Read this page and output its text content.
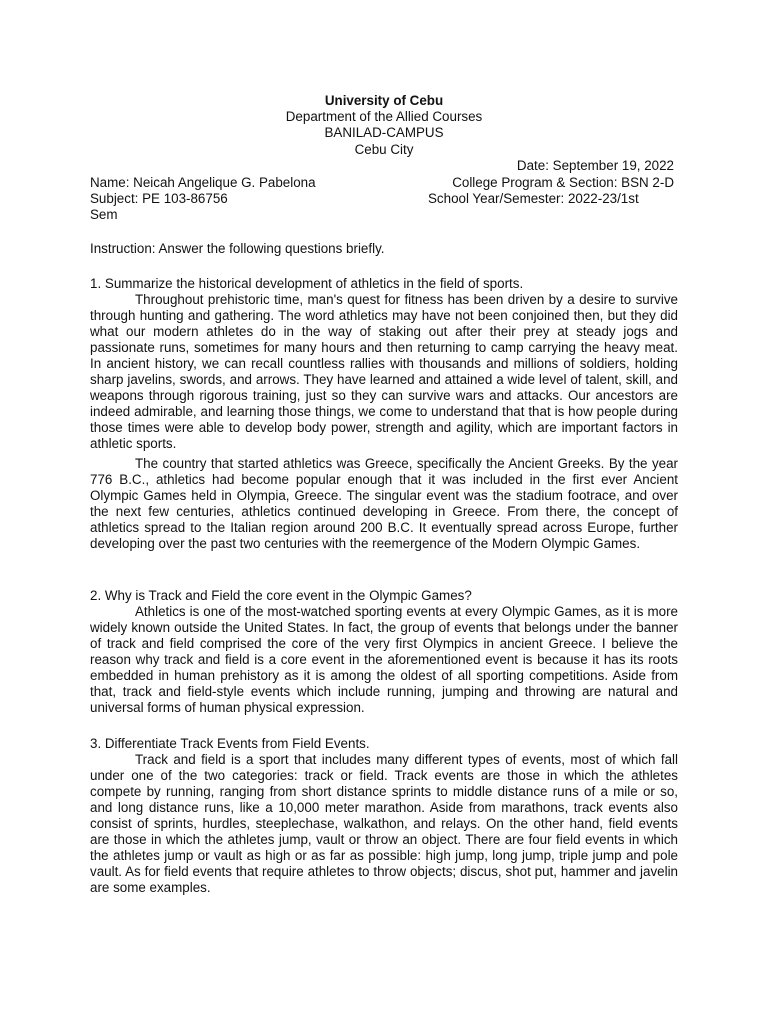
University of Cebu
Department of the Allied Courses
BANILAD-CAMPUS
Cebu City
Date: September 19, 2022
Name: Neicah Angelique G. Pabelona	College Program & Section: BSN 2-D
Subject: PE 103-86756	School Year/Semester: 2022-23/1st
Sem
Instruction: Answer the following questions briefly.
1. Summarize the historical development of athletics in the field of sports.
Throughout prehistoric time, man's quest for fitness has been driven by a desire to survive through hunting and gathering. The word athletics may have not been conjoined then, but they did what our modern athletes do in the way of staking out after their prey at steady jogs and passionate runs, sometimes for many hours and then returning to camp carrying the heavy meat. In ancient history, we can recall countless rallies with thousands and millions of soldiers, holding sharp javelins, swords, and arrows. They have learned and attained a wide level of talent, skill, and weapons through rigorous training, just so they can survive wars and attacks. Our ancestors are indeed admirable, and learning those things, we come to understand that that is how people during those times were able to develop body power, strength and agility, which are important factors in athletic sports.
The country that started athletics was Greece, specifically the Ancient Greeks. By the year 776 B.C., athletics had become popular enough that it was included in the first ever Ancient Olympic Games held in Olympia, Greece. The singular event was the stadium footrace, and over the next few centuries, athletics continued developing in Greece. From there, the concept of athletics spread to the Italian region around 200 B.C. It eventually spread across Europe, further developing over the past two centuries with the reemergence of the Modern Olympic Games.
2. Why is Track and Field the core event in the Olympic Games?
Athletics is one of the most-watched sporting events at every Olympic Games, as it is more widely known outside the United States. In fact, the group of events that belongs under the banner of track and field comprised the core of the very first Olympics in ancient Greece. I believe the reason why track and field is a core event in the aforementioned event is because it has its roots embedded in human prehistory as it is among the oldest of all sporting competitions. Aside from that, track and field-style events which include running, jumping and throwing are natural and universal forms of human physical expression.
3. Differentiate Track Events from Field Events.
Track and field is a sport that includes many different types of events, most of which fall under one of the two categories: track or field. Track events are those in which the athletes compete by running, ranging from short distance sprints to middle distance runs of a mile or so, and long distance runs, like a 10,000 meter marathon. Aside from marathons, track events also consist of sprints, hurdles, steeplechase, walkathon, and relays. On the other hand, field events are those in which the athletes jump, vault or throw an object. There are four field events in which the athletes jump or vault as high or as far as possible: high jump, long jump, triple jump and pole vault. As for field events that require athletes to throw objects; discus, shot put, hammer and javelin are some examples.
